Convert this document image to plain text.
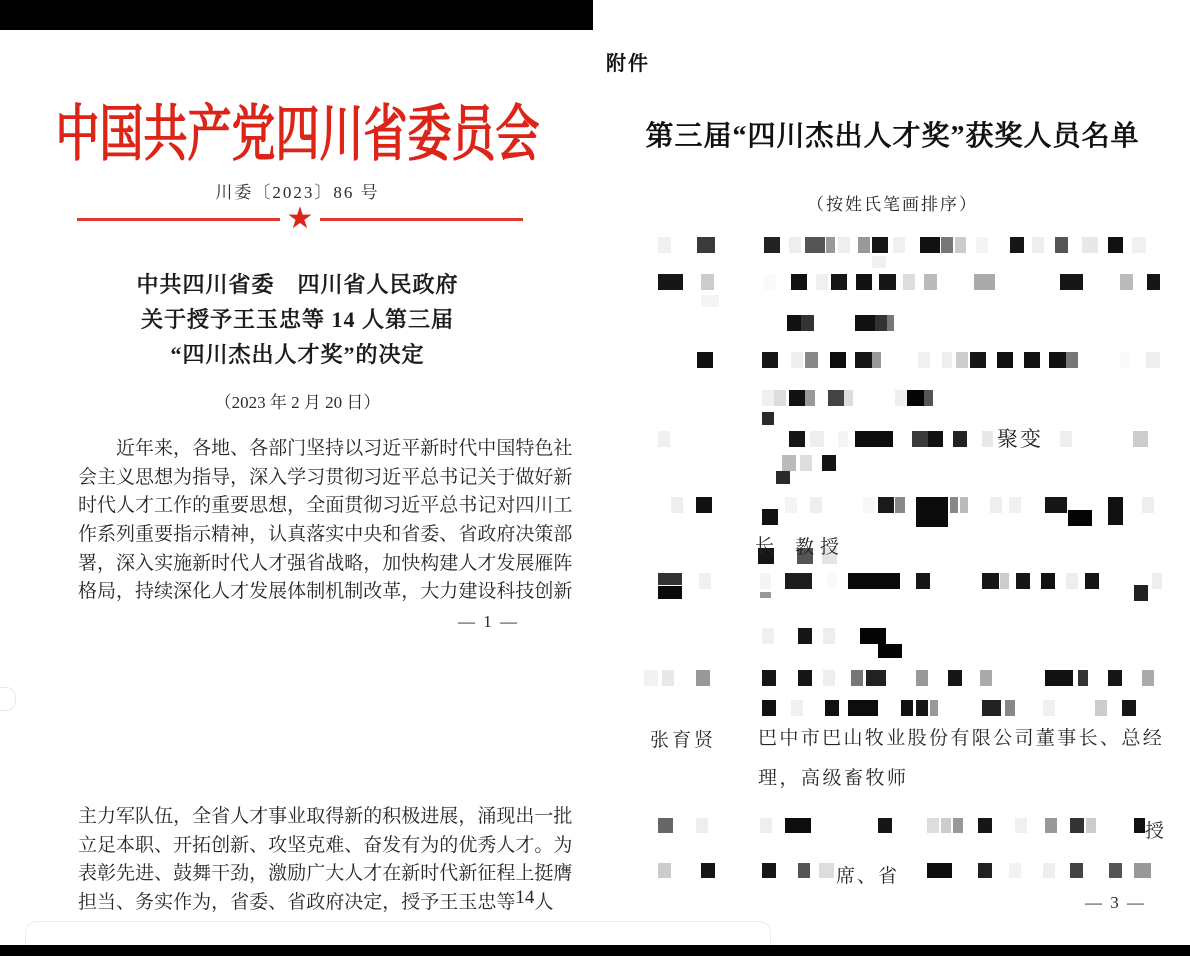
中国共产党四川省委员会
川委〔2023〕86 号
★
中共四川省委　四川省人民政府
关于授予王玉忠等 14 人第三届
“四川杰出人才奖”的决定
（2023 年 2 月 20 日）
近 年 来 ， 各 地 、 各 部 门 坚 持 以 习 近 平 新 时 代 中 国 特 色 社
会 主 义 思 想 为 指 导 ， 深 入 学 习 贯 彻 习 近 平 总 书 记 关 于 做 好 新
时 代 人 才 工 作 的 重 要 思 想 ， 全 面 贯 彻 习 近 平 总 书 记 对 四 川 工
作 系 列 重 要 指 示 精 神 ， 认 真 落 实 中 央 和 省 委 、 省 政 府 决 策 部
署 ， 深 入 实 施 新 时 代 人 才 强 省 战 略 ， 加 快 构 建 人 才 发 展 雁 阵
格 局 ， 持 续 深 化 人 才 发 展 体 制 机 制 改 革 ， 大 力 建 设 科 技 创 新
— 1 —
主 力 军 队 伍 ， 全 省 人 才 事 业 取 得 新 的 积 极 进 展 ， 涌 现 出 一 批
立 足 本 职 、 开 拓 创 新 、 攻 坚 克 难 、 奋 发 有 为 的 优 秀 人 才 。 为
表 彰 先 进 、 鼓 舞 干 劲 ， 激 励 广 大 人 才 在 新 时 代 新 征 程 上 挺 膺
担 当 、 务 实 作 为 ， 省 委 、 省 政 府 决 定 ， 授 予 王 玉 忠 等 1 4 人
附件
第三届“四川杰出人才奖”获奖人员名单
（按姓氏笔画排序）
聚变
长 教授
授
席、省
张育贤 巴 中 市 巴 山 牧 业 股 份 有 限 公 司 董 事 长 、 总 经
理，高级畜牧师
— 3 —
